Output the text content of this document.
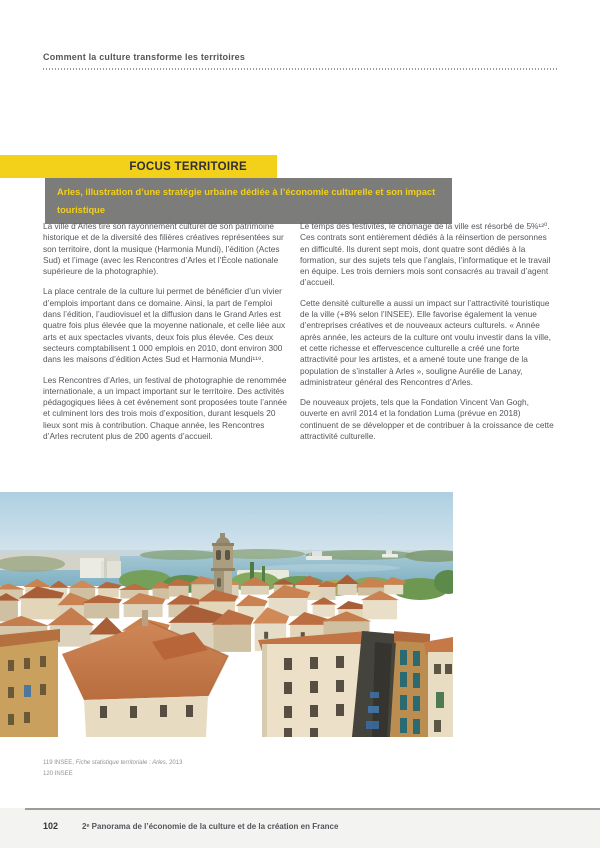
Comment la culture transforme les territoires
FOCUS TERRITOIRE
Arles, illustration d’une stratégie urbaine dédiée à l’économie culturelle et son impact touristique

La ville d’Arles tire son rayonnement culturel de son patrimoine historique et de la diversité des filières créatives représentées sur son territoire, dont la musique (Harmonia Mundi), l’édition (Actes Sud) et l’image (avec les Rencontres d’Arles et l’École nationale supérieure de la photographie).

La place centrale de la culture lui permet de bénéficier d’un vivier d’emplois important dans ce domaine. Ainsi, la part de l’emploi dans l’édition, l’audiovisuel et la diffusion dans le Grand Arles est quatre fois plus élevée que la moyenne nationale, et celle liée aux arts et aux spectacles vivants, deux fois plus élevée. Ces deux secteurs comptabilisent 1 000 emplois en 2010, dont environ 300 dans les maisons d’édition Actes Sud et Harmonia Mundi¹¹⁹.

Les Rencontres d’Arles, un festival de photographie de renommée internationale, a un impact important sur le territoire. Des activités pédagogiques liées à cet événement sont proposées toute l’année et culminent lors des trois mois d’exposition, durant lesquels 20 lieux sont mis à contribution. Chaque année, les Rencontres d’Arles recrutent plus de 200 agents d’accueil.

Le temps des festivités, le chômage de la ville est résorbé de 5%¹²⁰. Ces contrats sont entièrement dédiés à la réinsertion de personnes en difficulté. Ils durent sept mois, dont quatre sont dédiés à la formation, sur des sujets tels que l’anglais, l’informatique et le travail en équipe. Les trois derniers mois sont consacrés au travail d’agent d’accueil.

Cette densité culturelle a aussi un impact sur l’attractivité touristique de la ville (+8% selon l’INSEE). Elle favorise également la venue d’entreprises créatives et de nouveaux acteurs culturels. « Année après année, les acteurs de la culture ont voulu investir dans la ville, et cette richesse et effervescence culturelle a créé une forte attractivité pour les artistes, et a amené toute une frange de la population de s’installer à Arles », souligne Aurélie de Lanay, administrateur général des Rencontres d’Arles.

De nouveaux projets, tels que la Fondation Vincent Van Gogh, ouverte en avril 2014 et la fondation Luma (prévue en 2018) continuent de se développer et de contribuer à la croissance de cette attractivité culturelle.

119 INSEE, Fiche statistique territoriale : Arles, 2013
120 INSEE
102	2ᵉ Panorama de l’économie de la culture et de la création en France
